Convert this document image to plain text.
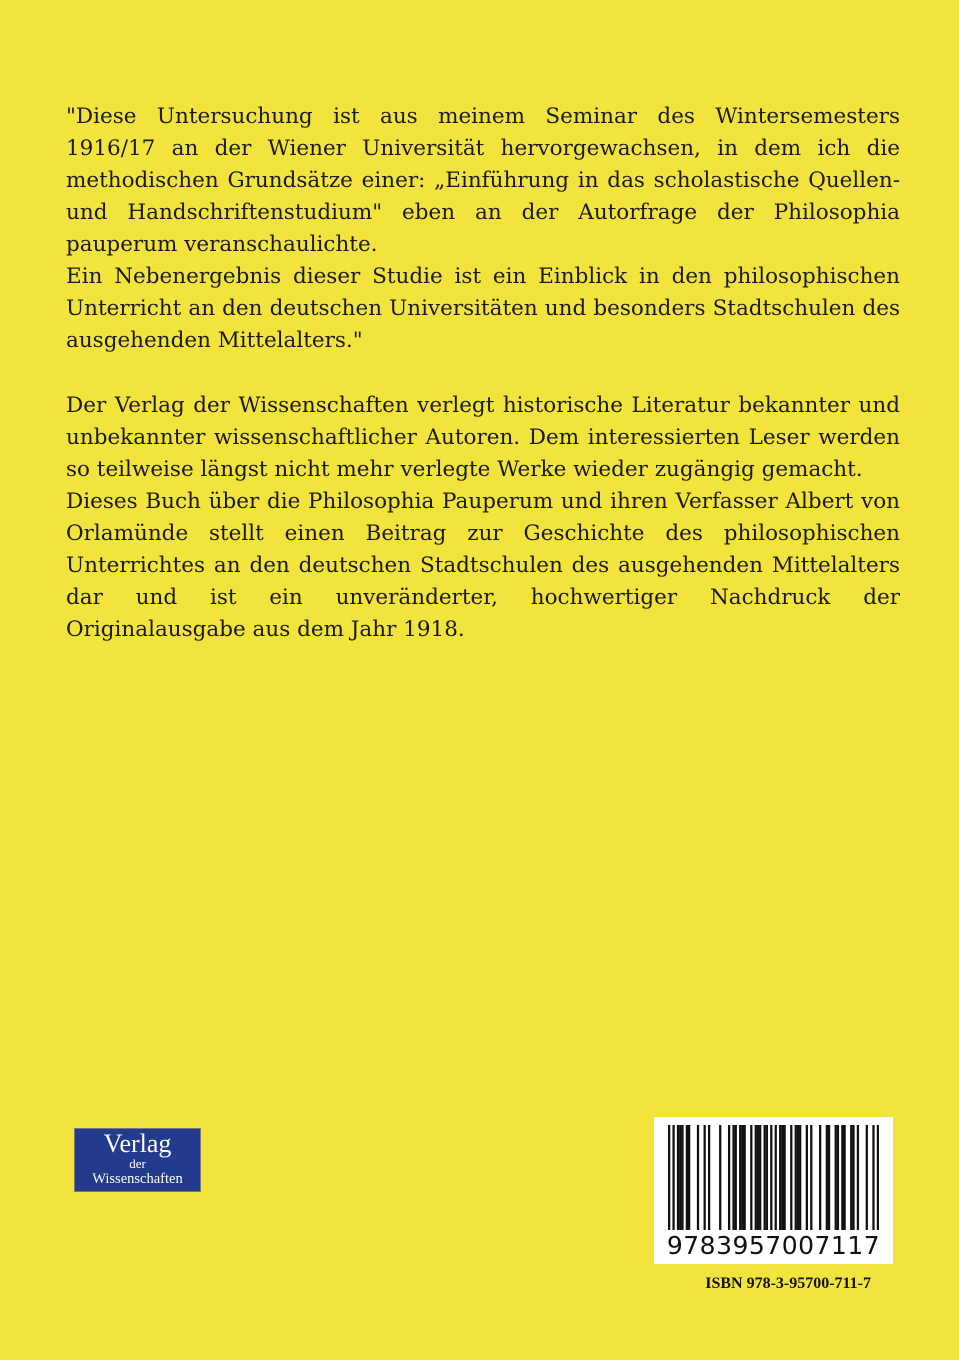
"Diese Untersuchung ist aus meinem Seminar des Wintersemesters 1916/17 an der Wiener Universität hervorgewachsen, in dem ich die methodischen Grundsätze einer: „Einführung in das scholastische Quellen- und Handschriftenstudium" eben an der Autorfrage der Philosophia pauperum veranschaulichte.

Ein Nebenergebnis dieser Studie ist ein Einblick in den philosophischen Unterricht an den deutschen Universitäten und besonders Stadtschulen des ausgehenden Mittelalters."

Der Verlag der Wissenschaften verlegt historische Literatur bekannter und unbekannter wissenschaftlicher Autoren. Dem interessierten Leser werden so teilweise längst nicht mehr verlegte Werke wieder zugängig gemacht.

Dieses Buch über die Philosophia Pauperum und ihren Verfasser Albert von Orlamünde stellt einen Beitrag zur Geschichte des philosophischen Unterrichtes an den deutschen Stadtschulen des ausgehenden Mittelalters dar und ist ein unveränderter, hochwertiger Nachdruck der Originalausgabe aus dem Jahr 1918.

Verlag
der
Wissenschaften
9783957007117
ISBN 978-3-95700-711-7
